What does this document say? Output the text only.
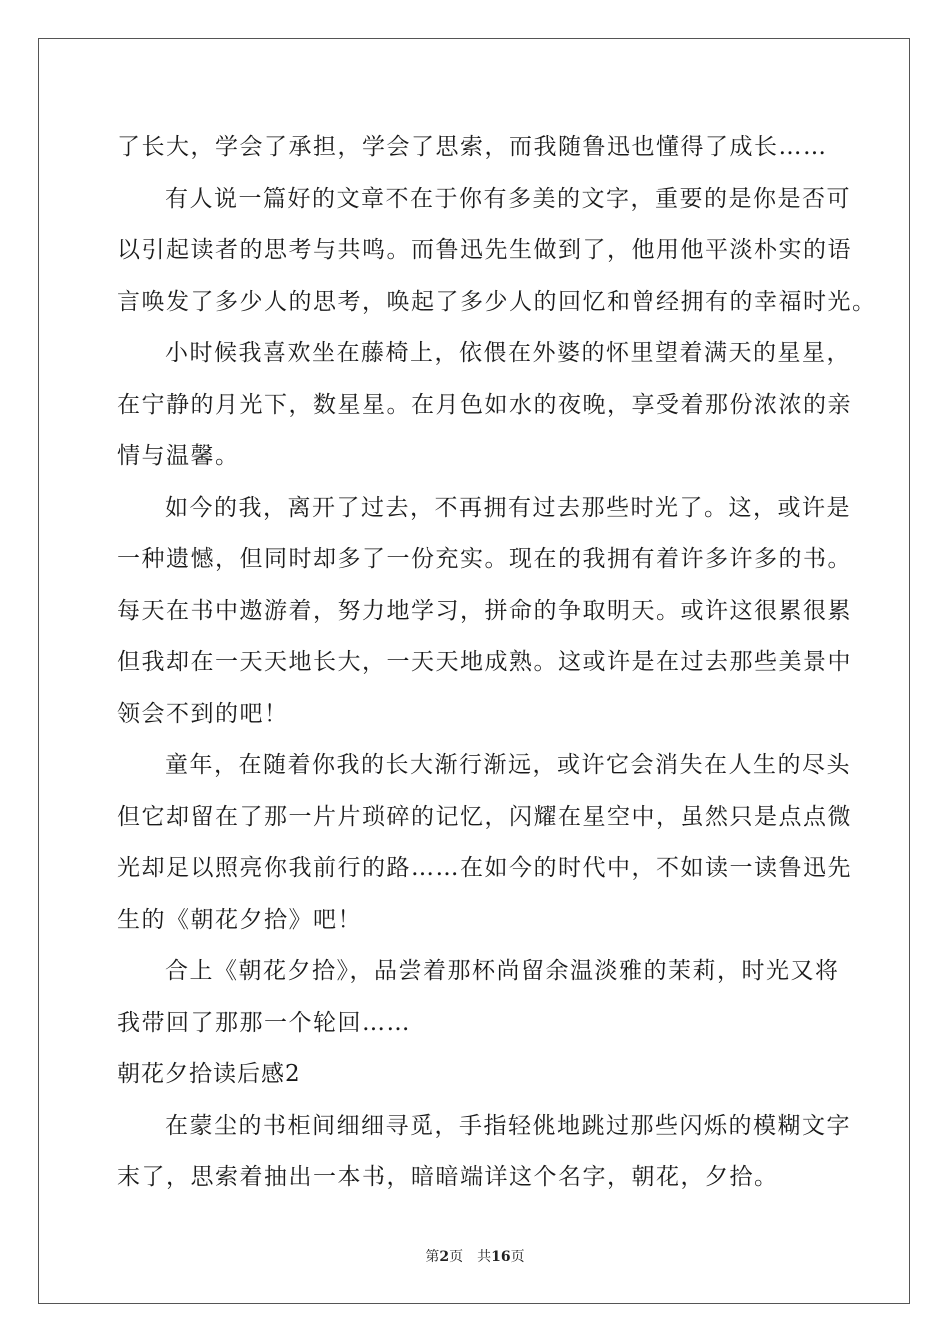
了长大，学会了承担，学会了思索，而我随鲁迅也懂得了成长……
有人说一篇好的文章不在于你有多美的文字，重要的是你是否可
以引起读者的思考与共鸣。而鲁迅先生做到了，他用他平淡朴实的语
言唤发了多少人的思考，唤起了多少人的回忆和曾经拥有的幸福时光。
小时候我喜欢坐在藤椅上，依偎在外婆的怀里望着满天的星星，
在宁静的月光下，数星星。在月色如水的夜晚，享受着那份浓浓的亲
情与温馨。
如今的我，离开了过去，不再拥有过去那些时光了。这，或许是
一种遗憾，但同时却多了一份充实。现在的我拥有着许多许多的书。
每天在书中遨游着，努力地学习，拼命的争取明天。或许这很累很累
但我却在一天天地长大，一天天地成熟。这或许是在过去那些美景中
领会不到的吧！
童年，在随着你我的长大渐行渐远，或许它会消失在人生的尽头
但它却留在了那一片片琐碎的记忆，闪耀在星空中，虽然只是点点微
光却足以照亮你我前行的路……在如今的时代中，不如读一读鲁迅先
生的《朝花夕拾》吧！
合上《朝花夕拾》，品尝着那杯尚留余温淡雅的茉莉，时光又将
我带回了那那一个轮回……
朝花夕拾读后感2
在蒙尘的书柜间细细寻觅，手指轻佻地跳过那些闪烁的模糊文字
末了，思索着抽出一本书，暗暗端详这个名字，朝花，夕拾。
第2页 共16页
